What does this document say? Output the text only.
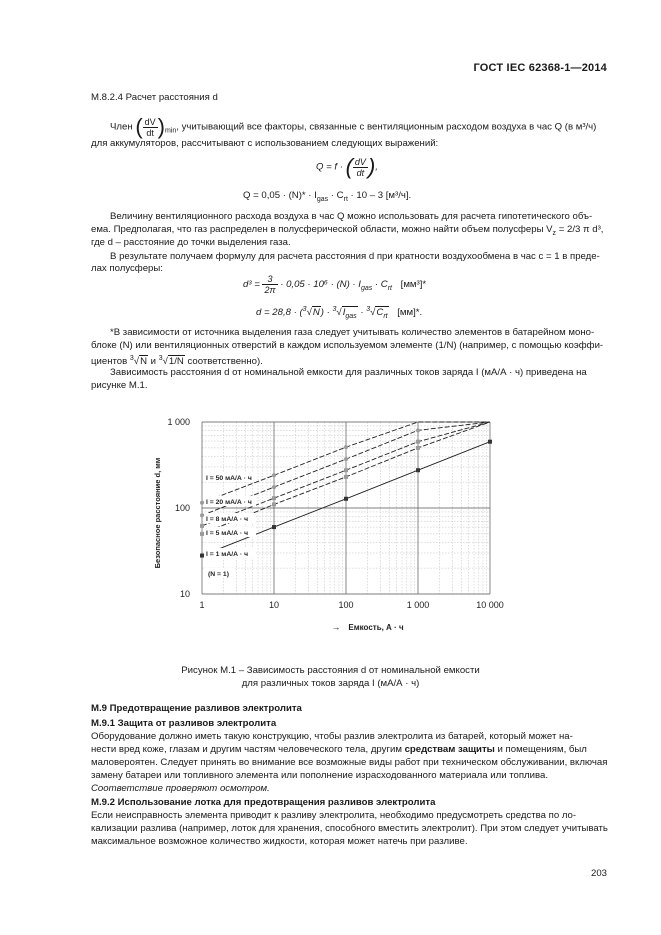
ГОСТ IEC 62368-1—2014
М.8.2.4 Расчет расстояния d
Член ( $\frac{dV}{dt} )_{min}$, учитывающий все факторы, связанные с вентиляционным расходом воздуха в час Q (в м³/ч)
для аккумуляторов, рассчитывают с использованием следующих выражений:
Q = f · ( $\frac{dV}{dt}$ ),
$Q = 0,05 \cdot (N)* \cdot I_{gas} \cdot C_{rt} \cdot 10 - 3$ [м³/ч].
Величину вентиляционного расхода воздуха в час Q можно использовать для расчета гипотетического объ-
ема. Предполагая, что газ распределен в полусферической области, можно найти объем полусферы $V_z = 2/3$ π d³,
где d – расстояние до точки выделения газа.
В результате получаем формулу для расчета расстояния d при кратности воздухообмена в час c = 1 в преде-
лах полусферы:
$d^3 = \frac{3}{2\pi} \cdot 0,05 \cdot 10^6 \cdot (N) \cdot I_{gas} \cdot C_{rt}$ [мм³]*
$d = 28,8 \cdot (^3√N) \cdot ^3√I_{gas} \cdot ^3√C_{rt}$ [мм]*.
*В зависимости от источника выделения газа следует учитывать количество элементов в батарейном моно-
блоке (N) или вентиляционных отверстий в каждом используемом элементе (1/N) (например, с помощью коэффи-
циентов $^3$√N и $^3$√1/N соответственно).
Зависимость расстояния d от номинальной емкости для различных токов заряда I (мА/А · ч) приведена на
рисунке М.1.
1	10	100	1 000	10 000
10
100
1 000
Емкость, А · ч
→
Безопасное расстояние d, мм	I = 50 мА/А · ч
I = 20 мА/А · ч
I = 8 мА/А · ч
I = 5 мА/А · ч
I = 1 мА/А · ч
(N = 1)
Рисунок М.1 – Зависимость расстояния d от номинальной емкости
для различных токов заряда I (мА/А · ч)
М.9 Предотвращение разливов электролита
М.9.1 Защита от разливов электролита
Оборудование должно иметь такую конструкцию, чтобы разлив электролита из батарей, который может на-
нести вред коже, глазам и другим частям человеческого тела, другим средствам защиты и помещениям, был
маловероятен. Следует принять во внимание все возможные виды работ при техническом обслуживании, включая
замену батареи или топливного элемента или пополнение израсходованного материала или топлива.
Соответствие проверяют осмотром.
М.9.2 Использование лотка для предотвращения разливов электролита
Если неисправность элемента приводит к разливу электролита, необходимо предусмотреть средства по ло-
кализации разлива (например, лоток для хранения, способного вместить электролит). При этом следует учитывать
максимальное возможное количество жидкости, которая может натечь при разливе.
203
